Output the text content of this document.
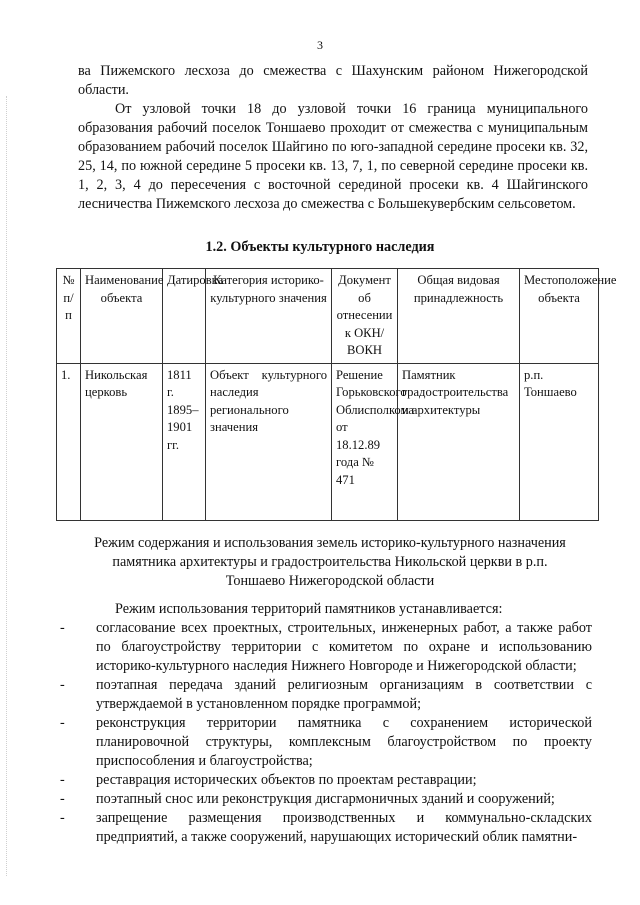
3

ва Пижемского лесхоза до смежества с Шахунским районом Нижегородской области.

От узловой точки 18 до узловой точки 16 граница муниципального образования рабочий поселок Тоншаево проходит от смежества с муниципальным образованием рабочий поселок Шайгино по юго-западной середине просеки кв. 32, 25, 14, по южной середине 5 просеки кв. 13, 7, 1, по северной середине просеки кв. 1, 2, 3, 4 до пересечения с восточной серединой просеки кв. 4 Шайгинского лесничества Пижемского лесхоза до смежества с Большекувербским сельсоветом.

1.2. Объекты культурного наследия
№ п/п	Наименование объекта	Датировка	Категория историко-культурного значения	Документ об отнесении к ОКН/ВОКН	Общая видовая принадлежность	Местоположение объекта
1.	Никольская церковь	1811 г. 1895–1901 гг.	Объект культурного наследия регионального значения	Решение Горьковского Облисполкома от 18.12.89 года № 471	Памятник градостроительства и архитектуры	р.п. Тоншаево
Режим содержания и использования земель историко-культурного назначения памятника архитектуры и градостроительства Никольской церкви в р.п. Тоншаево Нижегородской области

Режим использования территорий памятников устанавливается:

- согласование всех проектных, строительных, инженерных работ, а также работ по благоустройству территории с комитетом по охране и использованию историко-культурного наследия Нижнего Новгороде и Нижегородской области;
- поэтапная передача зданий религиозным организациям в соответствии с утверждаемой в установленном порядке программой;
- реконструкция территории памятника с сохранением исторической планировочной структуры, комплексным благоустройством по проекту приспособления и благоустройства;
- реставрация исторических объектов по проектам реставрации;
- поэтапный снос или реконструкция дисгармоничных зданий и сооружений;
- запрещение размещения производственных и коммунально-складских предприятий, а также сооружений, нарушающих исторический облик памятни-
